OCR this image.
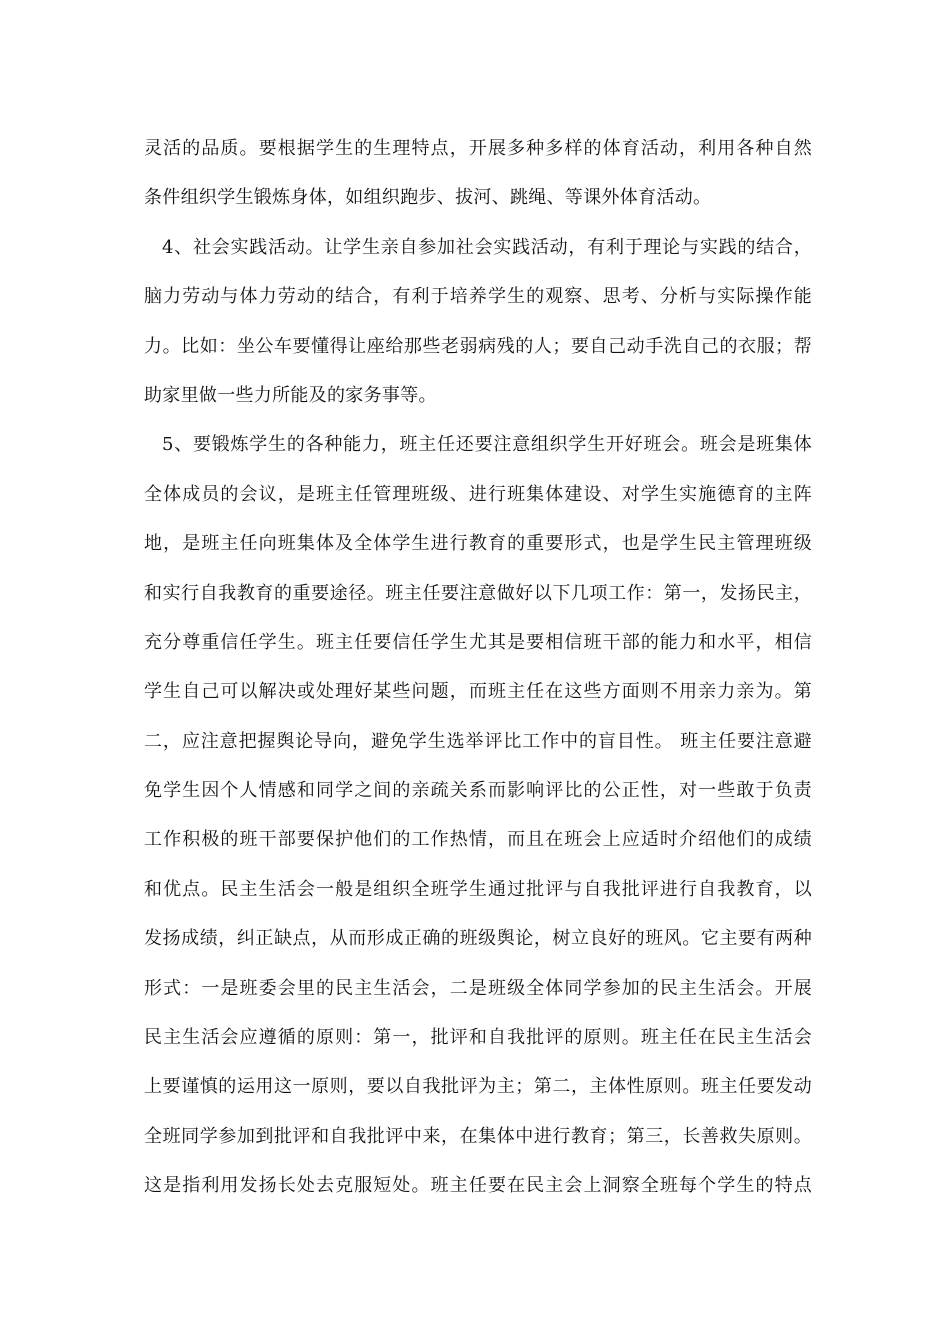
灵活的品质。要根据学生的生理特点，开展多种多样的体育活动，利用各种自然
条件组织学生锻炼身体，如组织跑步、拔河、跳绳、等课外体育活动。
4、社会实践活动。让学生亲自参加社会实践活动，有利于理论与实践的结合，
脑力劳动与体力劳动的结合，有利于培养学生的观察、思考、分析与实际操作能
力。比如：坐公车要懂得让座给那些老弱病残的人；要自己动手洗自己的衣服；帮
助家里做一些力所能及的家务事等。
5、要锻炼学生的各种能力，班主任还要注意组织学生开好班会。班会是班集体
全体成员的会议，是班主任管理班级、进行班集体建设、对学生实施德育的主阵
地，是班主任向班集体及全体学生进行教育的重要形式，也是学生民主管理班级
和实行自我教育的重要途径。班主任要注意做好以下几项工作：第一，发扬民主，
充分尊重信任学生。班主任要信任学生尤其是要相信班干部的能力和水平，相信
学生自己可以解决或处理好某些问题，而班主任在这些方面则不用亲力亲为。第
二，应注意把握舆论导向，避免学生选举评比工作中的盲目性。 班主任要注意避
免学生因个人情感和同学之间的亲疏关系而影响评比的公正性，对一些敢于负责
工作积极的班干部要保护他们的工作热情，而且在班会上应适时介绍他们的成绩
和优点。民主生活会一般是组织全班学生通过批评与自我批评进行自我教育，以
发扬成绩，纠正缺点，从而形成正确的班级舆论，树立良好的班风。它主要有两种
形式：一是班委会里的民主生活会，二是班级全体同学参加的民主生活会。开展
民主生活会应遵循的原则：第一，批评和自我批评的原则。班主任在民主生活会
上要谨慎的运用这一原则，要以自我批评为主；第二，主体性原则。班主任要发动
全班同学参加到批评和自我批评中来，在集体中进行教育；第三，长善救失原则。
这是指利用发扬长处去克服短处。班主任要在民主会上洞察全班每个学生的特点
